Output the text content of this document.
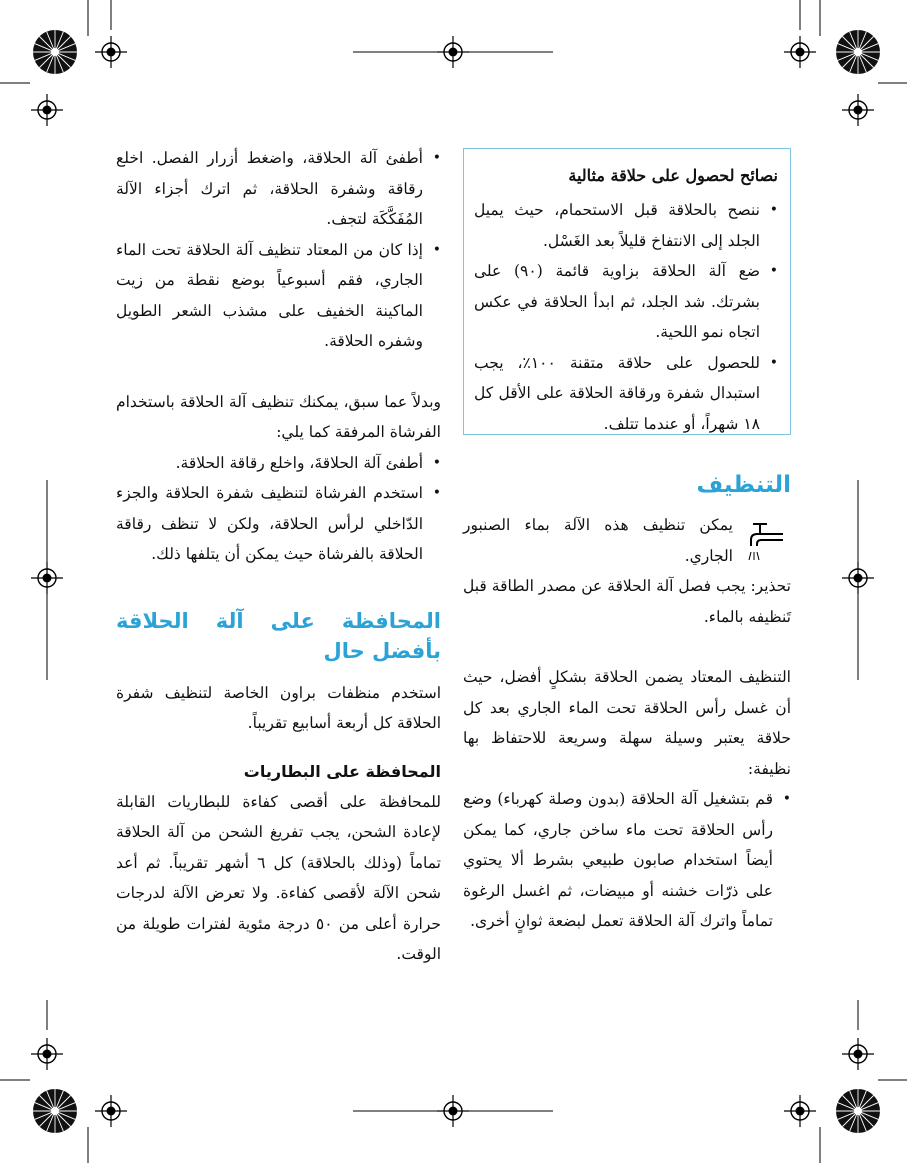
نصائح لحصول على حلاقة مثالية
• ننصح بالحلاقة قبل الاستحمام، حيث يميل الجلد إلى الانتفاخ قليلاً بعد الغَسْل.
• ضع آلة الحلاقة بزاوية قائمة (٩٠) على بشرتك. شد الجلد، ثم ابدأ الحلاقة في عكس اتجاه نمو اللحية.
• للحصول على حلاقة متقنة ١٠٠٪، يجب استبدال شفرة ورقاقة الحلاقة على الأقل كل ١٨ شهراً، أو عندما تتلف.
التنظيف

يمكن تنظيف هذه الآلة بماء الصنبور الجاري.

تحذير: يجب فصل آلة الحلاقة عن مصدر الطاقة قبل تَنظيفه بالماء.

التنظيف المعتاد يضمن الحلاقة بشكلٍ أفضل، حيث أن غسل رأس الحلاقة تحت الماء الجاري بعد كل حلاقة يعتبر وسيلة سهلة وسريعة للاحتفاظ بها نظيفة:

• قم بتشغيل آلة الحلاقة (بدون وصلة كهرباء) وضع رأس الحلاقة تحت ماء ساخن جاري، كما يمكن أيضاً استخدام صابون طبيعي بشرط ألا يحتوي على ذرّات خشنه أو مبيضات، ثم اغسل الرغوة تماماً واترك آلة الحلاقة تعمل لبضعة ثوانٍ أخرى.
• أطفئ آلة الحلاقة، واضغط أزرار الفصل. اخلع رقاقة وشفرة الحلاقة، ثم اترك أجزاء الآلة المُفَكَّكَة لتجف.
• إذا كان من المعتاد تنظيف آلة الحلاقة تحت الماء الجاري، فقم أسبوعياً بوضع نقطة من زيت الماكينة الخفيف على مشذب الشعر الطويل وشفره الحلاقة.

وبدلاً عما سبق، يمكنك تنظيف آلة الحلاقة باستخدام الفرشاة المرفقة كما يلي:

• أطفئ آلة الحلاقةَ، واخلع رقاقة الحلاقة.
• استخدم الفرشاة لتنظيف شفرة الحلاقة والجزء الدّاخلي لرأس الحلاقة، ولكن لا تنظف رقاقة الحلاقة بالفرشاة حيث يمكن أن يتلفها ذلك.
المحافظة على آلة الحلاقة بأفضل حال

استخدم منظفات براون الخاصة لتنظيف شفرة الحلاقة كل أربعة أسابيع تقريباً.

المحافظة على البطاريات

للمحافظة على أقصى كفاءة للبطاريات القابلة لإعادة الشحن، يجب تفريغ الشحن من آلة الحلاقة تماماً (وذلك بالحلاقة) كل ٦ أشهر تقريباً. ثم أعد شحن الآلة لأقصى كفاءة. ولا تعرض الآلة لدرجات حرارة أعلى من ٥٠ درجة مئوية لفترات طويلة من الوقت.
